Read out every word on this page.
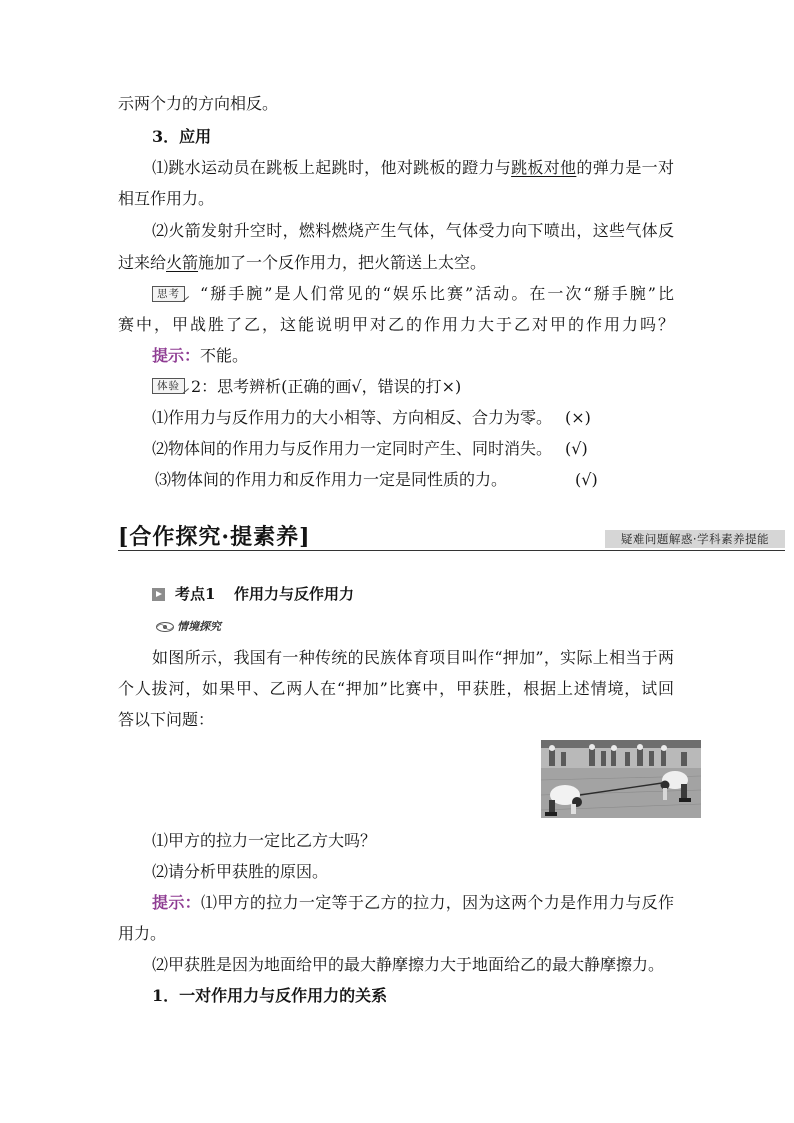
示两个力的方向相反。
3．应用
⑴跳水运动员在跳板上起跳时，他对跳板的蹬力与跳板对他的弹力是一对
相互作用力。
⑵火箭发射升空时，燃料燃烧产生气体，气体受力向下喷出，这些气体反
过来给火箭施加了一个反作用力，把火箭送上太空。
思考	“掰手腕”是人们常见的“娱乐比赛”活动。在一次“掰手腕”比
赛中，甲战胜了乙，这能说明甲对乙的作用力大于乙对甲的作用力吗？
提示：不能。
体验 2：思考辨析(正确的画√，错误的打×)
⑴作用力与反作用力的大小相等、方向相反、合力为零。 (×)
⑵物体间的作用力与反作用力一定同时产生、同时消失。 (√)
⑶物体间的作用力和反作用力一定是同性质的力。	(√)
[合作探究·提素养]	疑难问题解惑·学科素养提能
考点1 作用力与反作用力
情境探究
如图所示，我国有一种传统的民族体育项目叫作“押加”，实际上相当于两
个人拔河，如果甲、乙两人在“押加”比赛中，甲获胜，根据上述情境，试回
答以下问题：
⑴甲方的拉力一定比乙方大吗？
⑵请分析甲获胜的原因。
提示：⑴甲方的拉力一定等于乙方的拉力，因为这两个力是作用力与反作
用力。
⑵甲获胜是因为地面给甲的最大静摩擦力大于地面给乙的最大静摩擦力。
1．一对作用力与反作用力的关系
